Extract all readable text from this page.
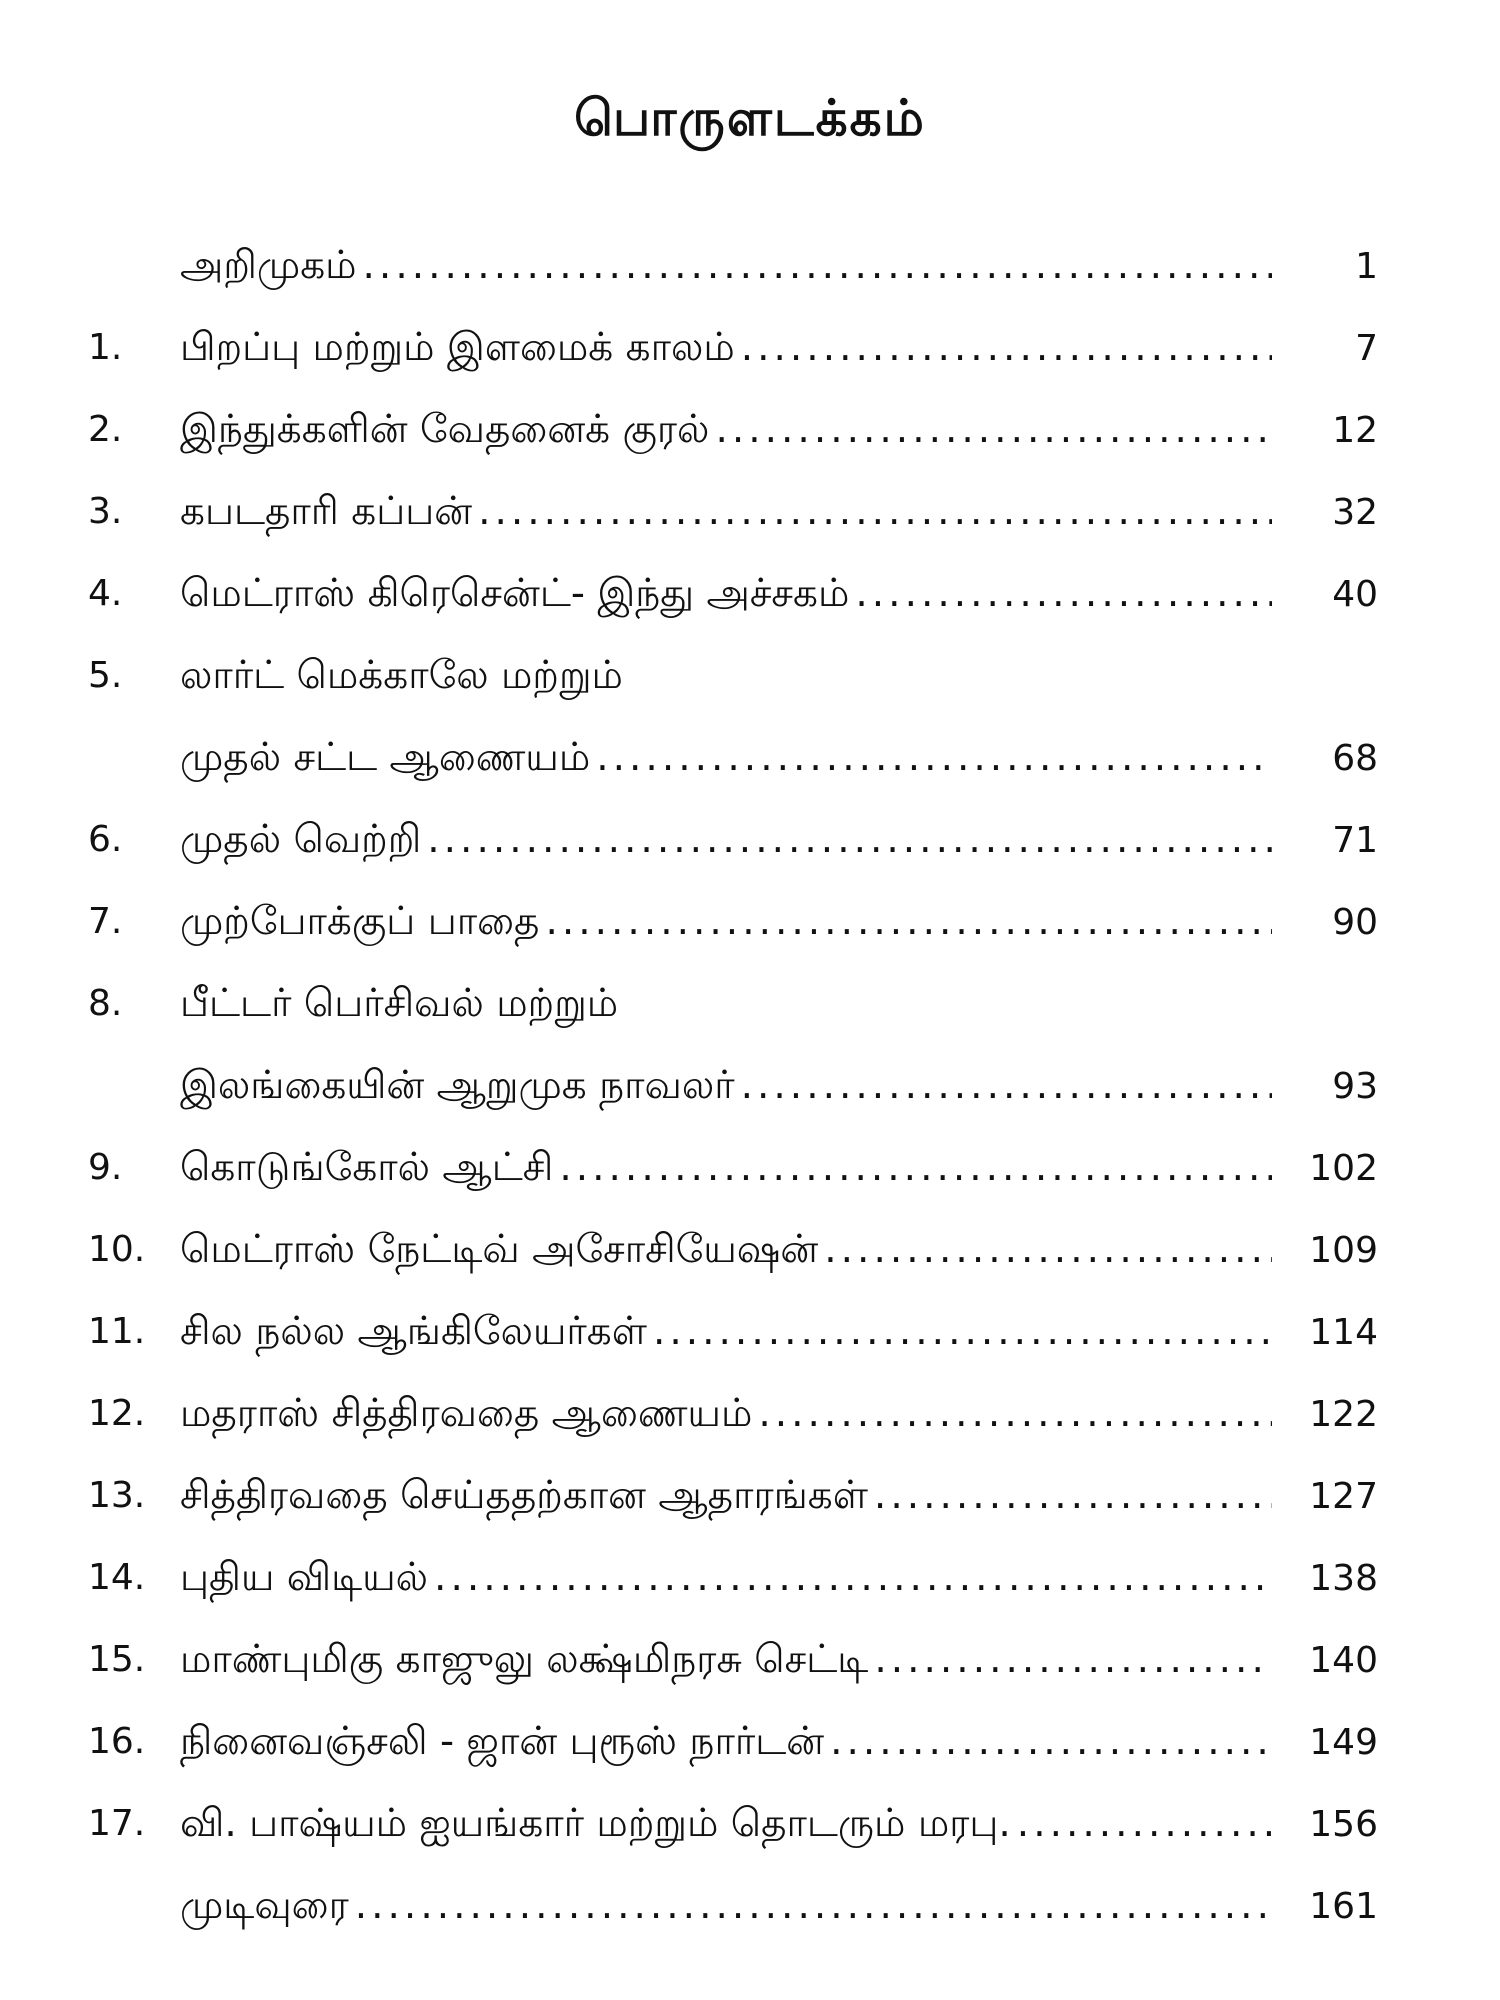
பொருளடக்கம்
அறிமுகம் .....	1
1.	பிறப்பு மற்றும் இளமைக் காலம் .....	7
2.	இந்துக்களின் வேதனைக் குரல் .....	12
3.	கபடதாரி கப்பன் .....	32
4.	மெட்ராஸ் கிரெசென்ட்- இந்து அச்சகம் .....	40
5.	லார்ட் மெக்காலே மற்றும்
முதல் சட்ட ஆணையம் .....	68
6.	முதல் வெற்றி .....	71
7.	முற்போக்குப் பாதை .....	90
8.	பீட்டர் பெர்சிவல் மற்றும்
இலங்கையின் ஆறுமுக நாவலர் .....	93
9.	கொடுங்கோல் ஆட்சி .....	102
10. மெட்ராஸ் நேட்டிவ் அசோசியேஷன் .....	109
11. சில நல்ல ஆங்கிலேயர்கள் .....	114
12. மதராஸ் சித்திரவதை ஆணையம் .....	122
13. சித்திரவதை செய்ததற்கான ஆதாரங்கள் .....	127
14. புதிய விடியல் .....	138
15. மாண்புமிகு காஜுலு லக்ஷ்மிநரசு செட்டி .....	140
16. நினைவஞ்சலி - ஜான் புரூஸ் நார்டன் .....	149
17. வி. பாஷ்யம் ஐயங்கார் மற்றும் தொடரும் மரபு. .....	156
முடிவுரை .....	161
